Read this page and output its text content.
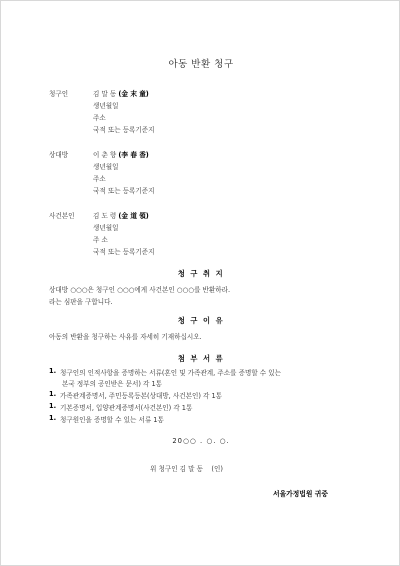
아동 반환 청구
청구인	김 말 동 (金 末 童)
생년월일
주소
국적 또는 등록기준지
상대방	이 춘 향 (李 春 香)
생년월일
주소
국적 또는 등록기준지
사건본인	김 도 령 (金 道 領)
생년월일
주 소
국적 또는 등록기준지
청 구 취 지
상대방 ○○○은 청구인 ○○○에게 사건본인 ○○○를 반환하라.
라는 심판을 구합니다.
청 구 이 유
아동의 반환을 청구하는 사유를 자세히 기재하십시오.
첨 부 서 류
1. 청구인의 인적사항을 증명하는 서류(혼인 및 가족관계, 주소를 증명할 수 있는
본국 정부의 공인받은 문서) 각 1통
1. 가족관계증명서, 주민등록등본(상대방, 사건본인) 각 1통
1. 기본증명서, 입양관계증명서(사건본인) 각 1통
1. 청구원인을 증명할 수 있는 서류 1통
20○○ . ○. ○.
위 청구인 김 말 동 (인)
서울가정법원 귀중
